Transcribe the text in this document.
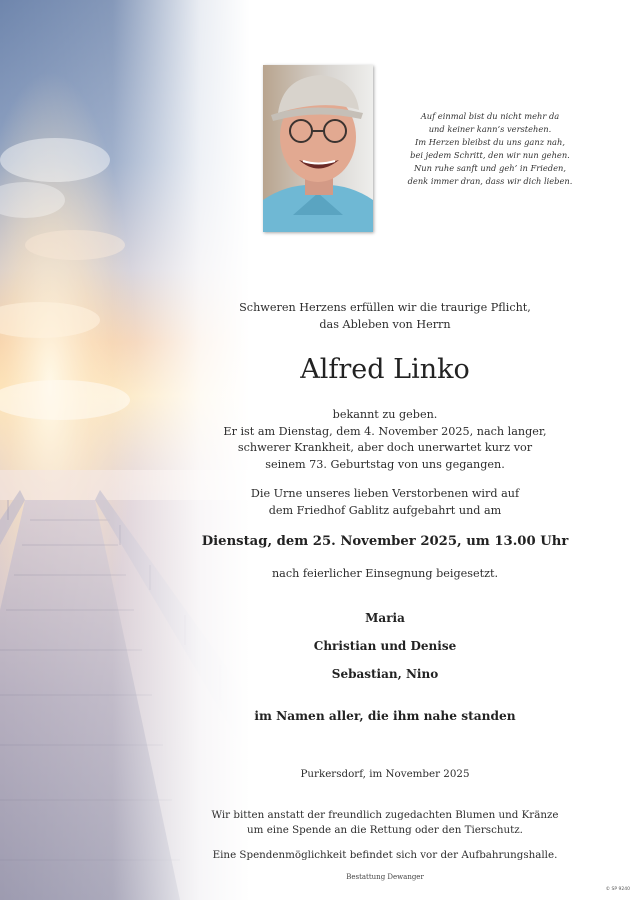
Auf einmal bist du nicht mehr da
und keiner kann’s verstehen.
Im Herzen bleibst du uns ganz nah,
bei jedem Schritt, den wir nun gehen.
Nun ruhe sanft und geh’ in Frieden,
denk immer dran, dass wir dich lieben.
Schweren Herzens erfüllen wir die traurige Pflicht,
das Ableben von Herrn
Alfred Linko
bekannt zu geben.
Er ist am Dienstag, dem 4. November 2025, nach langer,
schwerer Krankheit, aber doch unerwartet kurz vor
seinem 73. Geburtstag von uns gegangen.
Die Urne unseres lieben Verstorbenen wird auf
dem Friedhof Gablitz aufgebahrt und am
Dienstag, dem 25. November 2025, um 13.00 Uhr
nach feierlicher Einsegnung beigesetzt.
Maria
Christian und Denise
Sebastian, Nino
im Namen aller, die ihm nahe standen
Purkersdorf, im November 2025
Wir bitten anstatt der freundlich zugedachten Blumen und Kränze
um eine Spende an die Rettung oder den Tierschutz.
Eine Spendenmöglichkeit befindet sich vor der Aufbahrungshalle.
Bestattung Dewanger
© SP 9240
